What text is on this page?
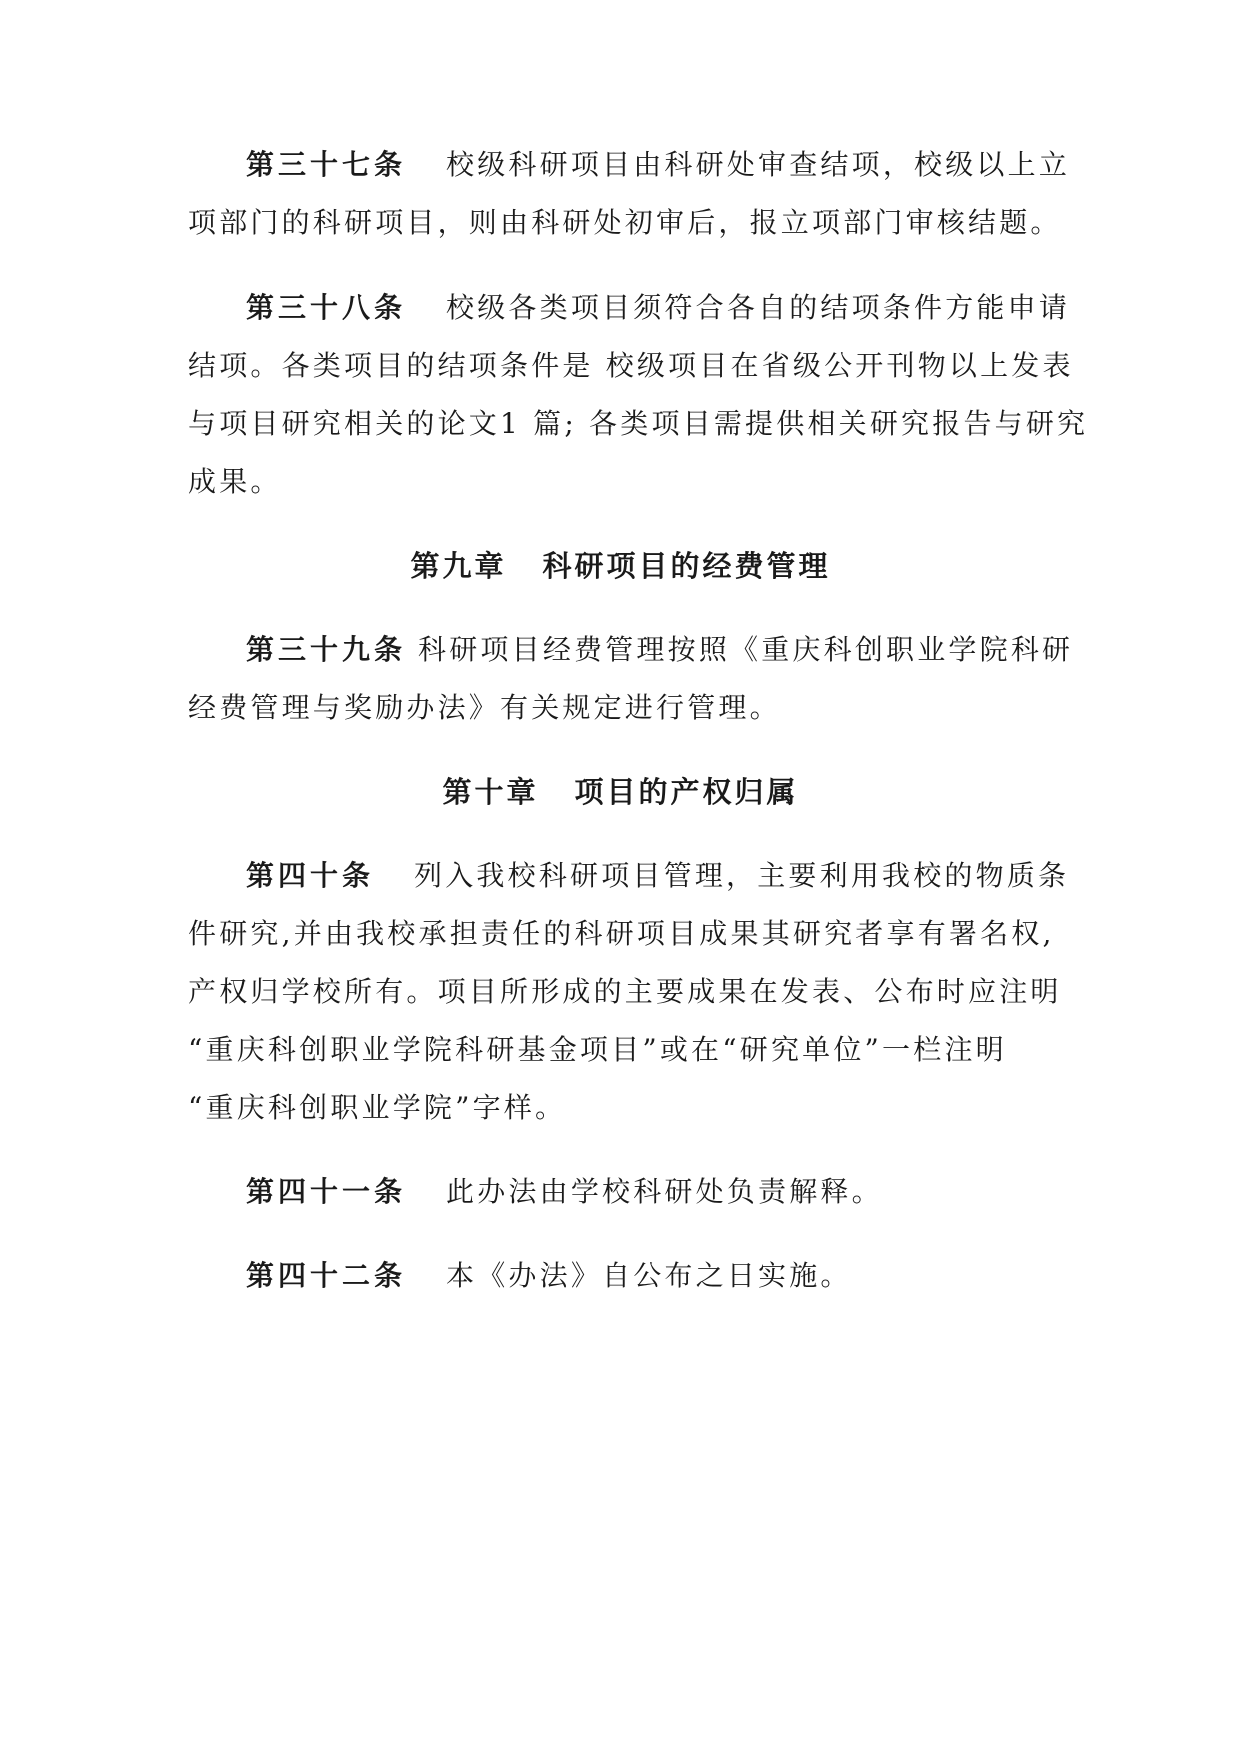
第三十七条 校级科研项目由科研处审查结项，校级以上立
项部门的科研项目，则由科研处初审后，报立项部门审核结题。
第三十八条 校级各类项目须符合各自的结项条件方能申请
结项。各类项目的结项条件是 校级项目在省级公开刊物以上发表
与项目研究相关的论文1 篇; 各类项目需提供相关研究报告与研究
成果。
第九章 科研项目的经费管理
第三十九条 科研项目经费管理按照《重庆科创职业学院科研
经费管理与奖励办法》有关规定进行管理。
第十章 项目的产权归属
第四十条 列入我校科研项目管理，主要利用我校的物质条
件研究,并由我校承担责任的科研项目成果其研究者享有署名权,
产权归学校所有。项目所形成的主要成果在发表、公布时应注明
“重庆科创职业学院科研基金项目”或在“研究单位”一栏注明
“重庆科创职业学院”字样。
第四十一条 此办法由学校科研处负责解释。
第四十二条 本《办法》自公布之日实施。
